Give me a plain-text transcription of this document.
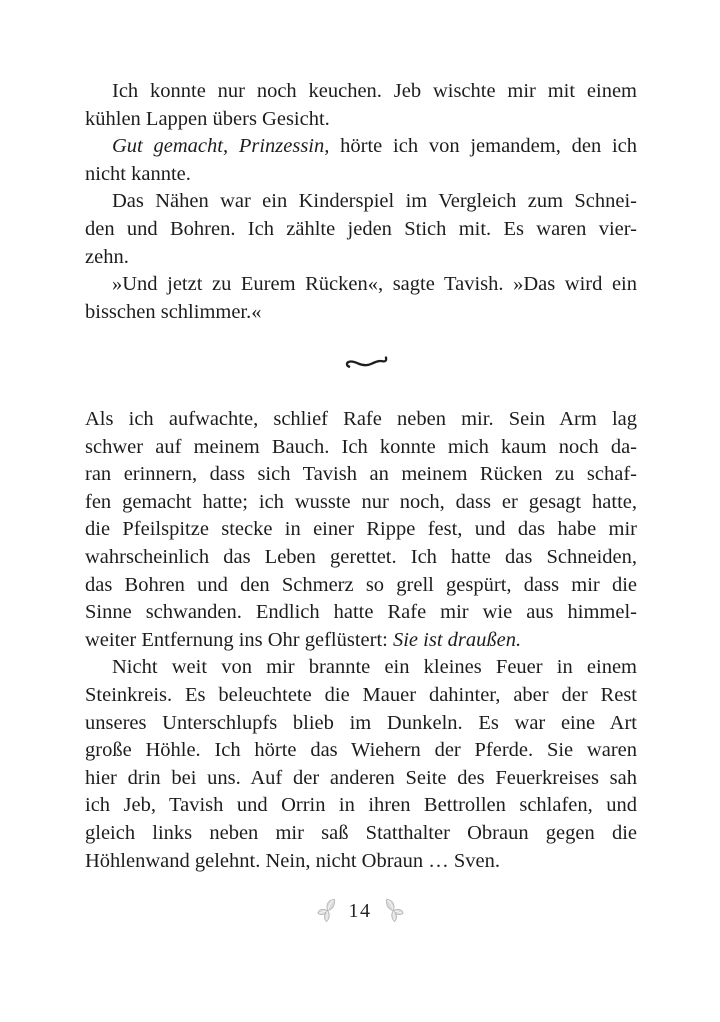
Ich konnte nur noch keuchen. Jeb wischte mir mit einem
kühlen Lappen übers Gesicht.
Gut gemacht, Prinzessin, hörte ich von jemandem, den ich
nicht kannte.
Das Nähen war ein Kinderspiel im Vergleich zum Schnei-
den und Bohren. Ich zählte jeden Stich mit. Es waren vier-
zehn.
»Und jetzt zu Eurem Rücken«, sagte Tavish. »Das wird ein
bisschen schlimmer.«
Als ich aufwachte, schlief Rafe neben mir. Sein Arm lag
schwer auf meinem Bauch. Ich konnte mich kaum noch da-
ran erinnern, dass sich Tavish an meinem Rücken zu schaf-
fen gemacht hatte; ich wusste nur noch, dass er gesagt hatte,
die Pfeilspitze stecke in einer Rippe fest, und das habe mir
wahrscheinlich das Leben gerettet. Ich hatte das Schneiden,
das Bohren und den Schmerz so grell gespürt, dass mir die
Sinne schwanden. Endlich hatte Rafe mir wie aus himmel-
weiter Entfernung ins Ohr geflüstert: Sie ist draußen.
Nicht weit von mir brannte ein kleines Feuer in einem
Steinkreis. Es beleuchtete die Mauer dahinter, aber der Rest
unseres Unterschlupfs blieb im Dunkeln. Es war eine Art
große Höhle. Ich hörte das Wiehern der Pferde. Sie waren
hier drin bei uns. Auf der anderen Seite des Feuerkreises sah
ich Jeb, Tavish und Orrin in ihren Bettrollen schlafen, und
gleich links neben mir saß Statthalter Obraun gegen die
Höhlenwand gelehnt. Nein, nicht Obraun … Sven.
14
